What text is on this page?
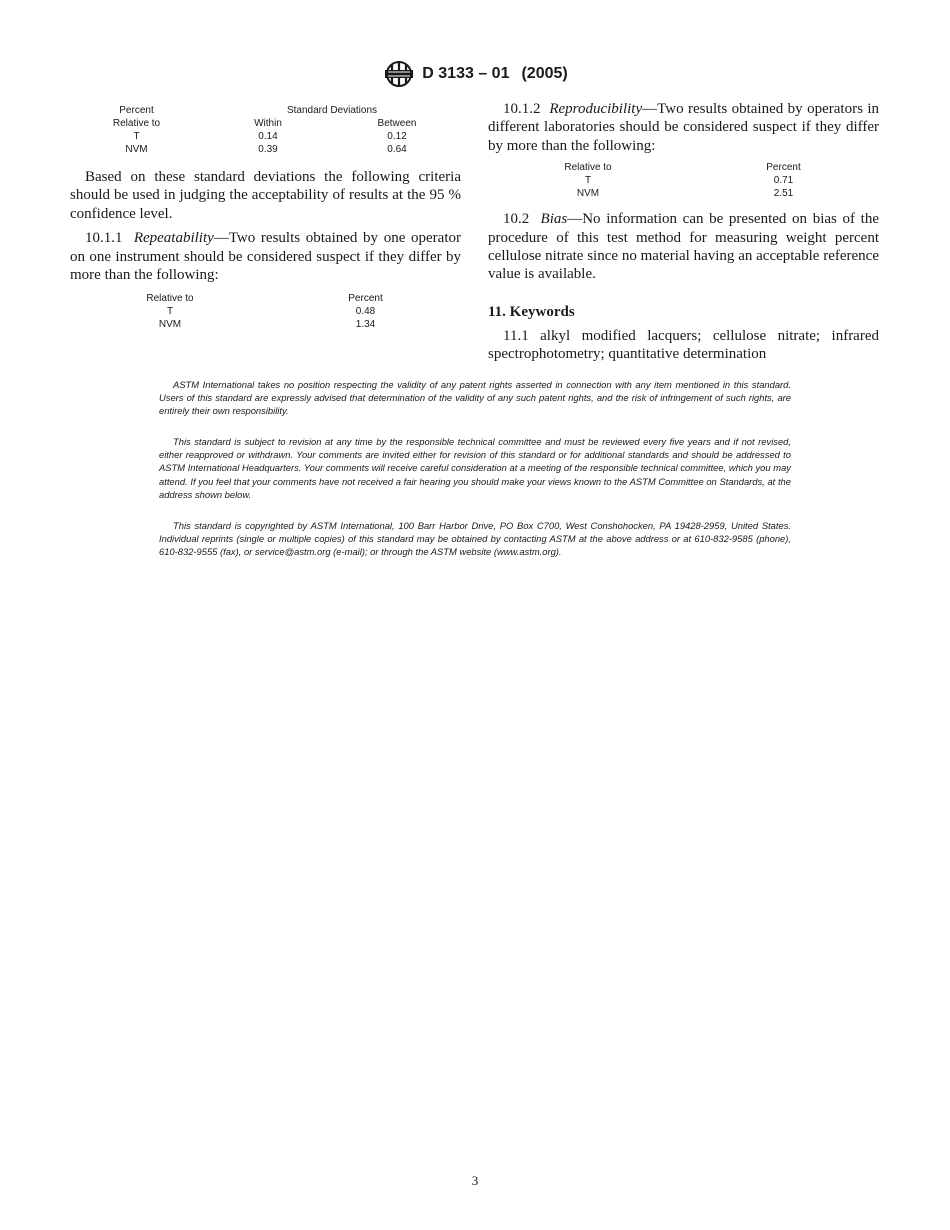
D 3133 – 01 (2005)
Percent	Standard Deviations	
Relative to	Within	Between
T	0.14	0.12
NVM	0.39	0.64

Based on these standard deviations the following criteria should be used in judging the acceptability of results at the 95 % confidence level.

10.1.1 Repeatability—Two results obtained by one operator on one instrument should be considered suspect if they differ by more than the following:

Relative to	Percent
T	0.48
NVM	1.34

10.1.2 Reproducibility—Two results obtained by operators in different laboratories should be considered suspect if they differ by more than the following:

Relative to	Percent
T	0.71
NVM	2.51

10.2 Bias—No information can be presented on bias of the procedure of this test method for measuring weight percent cellulose nitrate since no material having an acceptable reference value is available.

11. Keywords

11.1 alkyl modified lacquers; cellulose nitrate; infrared spectrophotometry; quantitative determination

ASTM International takes no position respecting the validity of any patent rights asserted in connection with any item mentioned in this standard. Users of this standard are expressly advised that determination of the validity of any such patent rights, and the risk of infringement of such rights, are entirely their own responsibility.

This standard is subject to revision at any time by the responsible technical committee and must be reviewed every five years and if not revised, either reapproved or withdrawn. Your comments are invited either for revision of this standard or for additional standards and should be addressed to ASTM International Headquarters. Your comments will receive careful consideration at a meeting of the responsible technical committee, which you may attend. If you feel that your comments have not received a fair hearing you should make your views known to the ASTM Committee on Standards, at the address shown below.

This standard is copyrighted by ASTM International, 100 Barr Harbor Drive, PO Box C700, West Conshohocken, PA 19428-2959, United States. Individual reprints (single or multiple copies) of this standard may be obtained by contacting ASTM at the above address or at 610-832-9585 (phone), 610-832-9555 (fax), or service@astm.org (e-mail); or through the ASTM website (www.astm.org).

3
